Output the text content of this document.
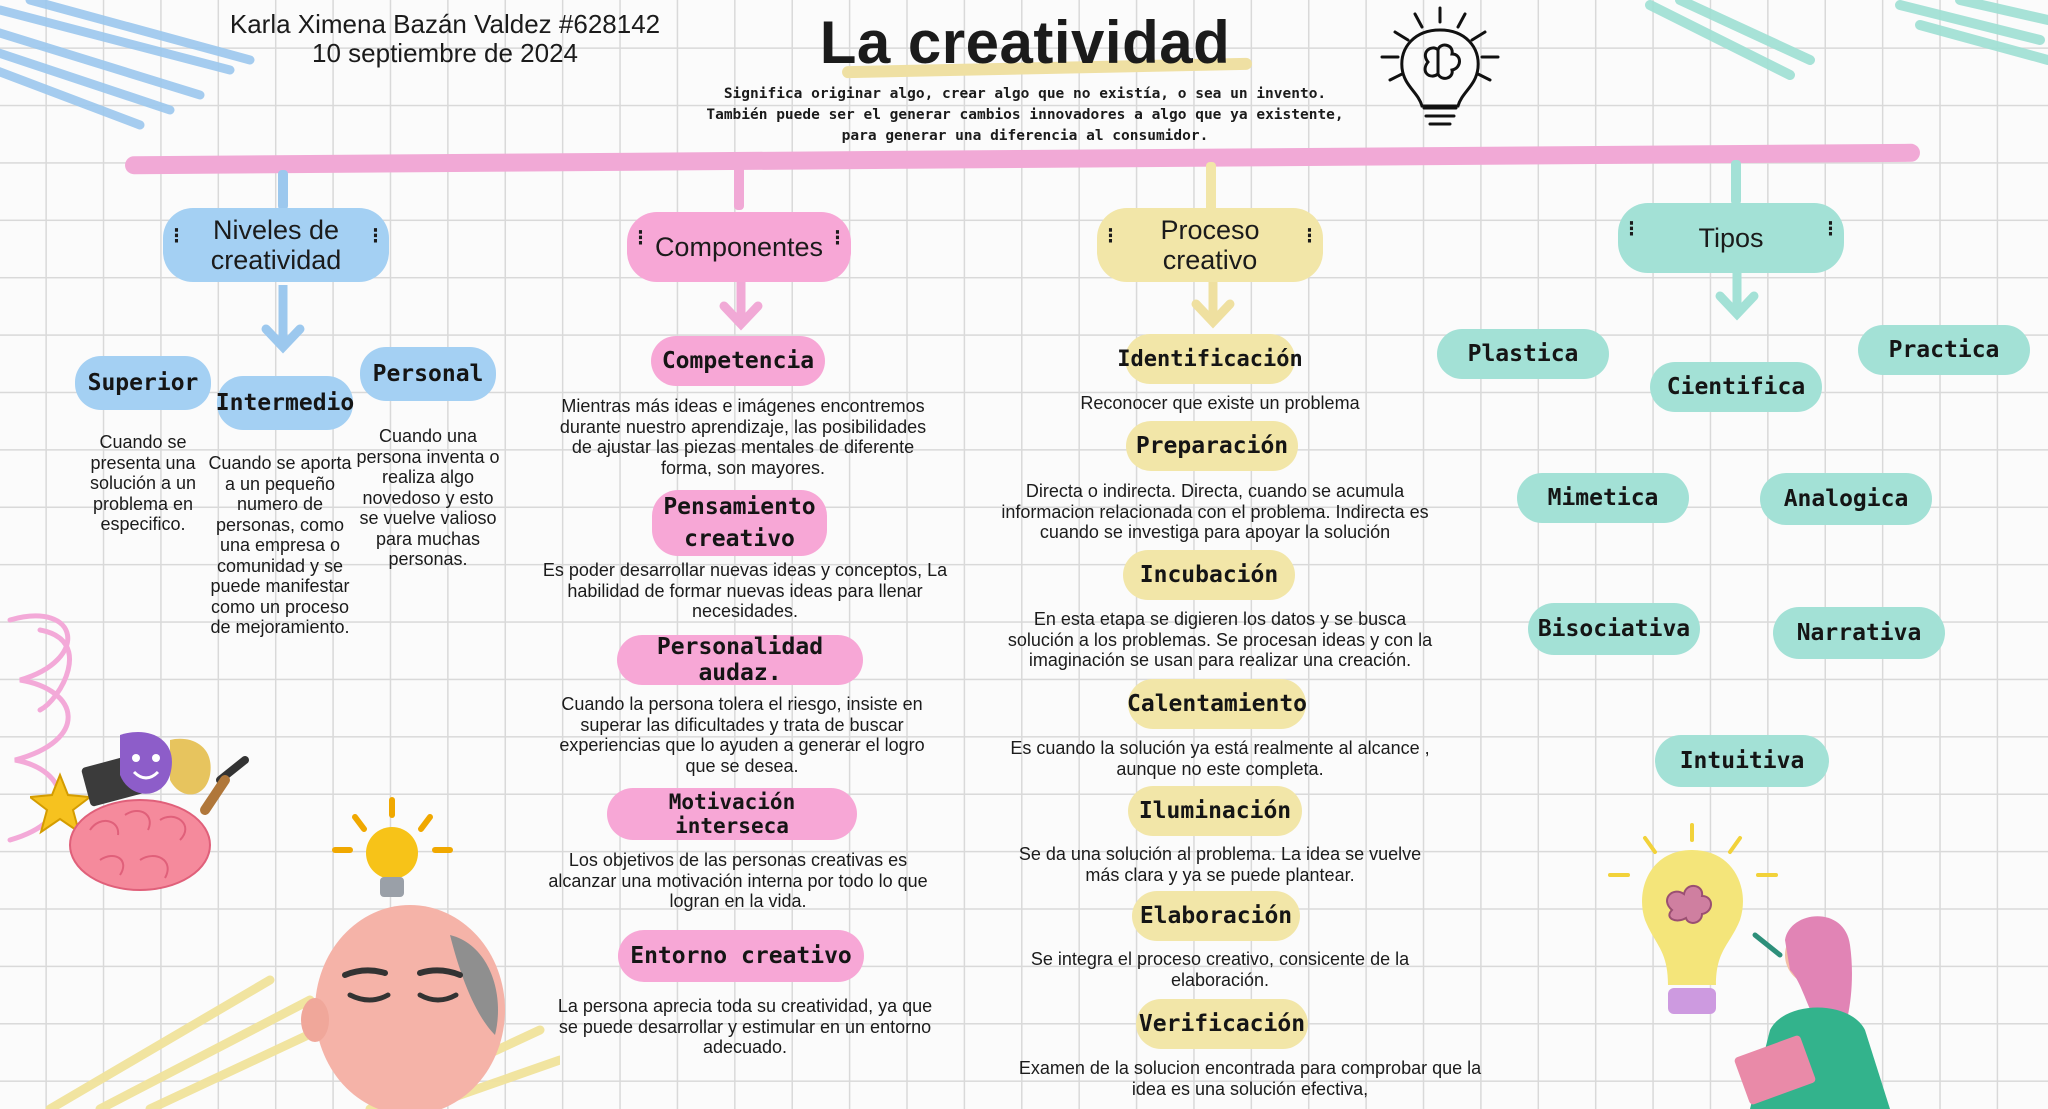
Karla Ximena Bazán Valdez #628142
10 septiembre de 2024	La creatividad
Significa originar algo, crear algo que no existía, o sea un invento. También puede ser el generar cambios innovadores a algo que ya existente, para generar una diferencia al consumidor.
⁝ Niveles de creatividad
⁝	⁝ Componentes ⁝	⁝	Proceso creativo
⁝	⁝ Tipos	⁝
Superior
Intermedio
Personal
Cuando se presenta una solución a un problema en especifico.
Cuando se aporta a un pequeño numero de personas, como una empresa o comunidad y se puede manifestar como un proceso de mejoramiento.
Cuando una persona inventa o realiza algo novedoso y esto se vuelve valioso para muchas personas.
Competencia
Mientras más ideas e imágenes encontremos durante nuestro aprendizaje, las posibilidades de ajustar las piezas mentales de diferente forma, son mayores.
Pensamiento creativo
Es poder desarrollar nuevas ideas y conceptos, La habilidad de formar nuevas ideas para llenar necesidades.
Personalidad audaz.
Cuando la persona tolera el riesgo, insiste en superar las dificultades y trata de buscar experiencias que lo ayuden a generar el logro que se desea.
Motivación interseca
Los objetivos de las personas creativas es alcanzar una motivación interna por todo lo que logran en la vida.
Entorno creativo
La persona aprecia toda su creatividad, ya que se puede desarrollar y estimular en un entorno adecuado.
Identificación
Reconocer que existe un problema
Preparación
Directa o indirecta. Directa, cuando se acumula informacion relacionada con el problema. Indirecta es cuando se investiga para apoyar la solución
Incubación
En esta etapa se digieren los datos y se busca solución a los problemas. Se procesan ideas y con la imaginación se usan para realizar una creación.
Calentamiento
Es cuando la solución ya está realmente al alcance , aunque no este completa.
Iluminación
Se da una solución al problema. La idea se vuelve más clara y ya se puede plantear.
Elaboración
Se integra el proceso creativo, consicente de la elaboración.
Verificación
Examen de la solucion encontrada para comprobar que la idea es una solución efectiva,
Plastica
Cientifica
Practica
Mimetica	Analogica
Bisociativa	Narrativa
Intuitiva
